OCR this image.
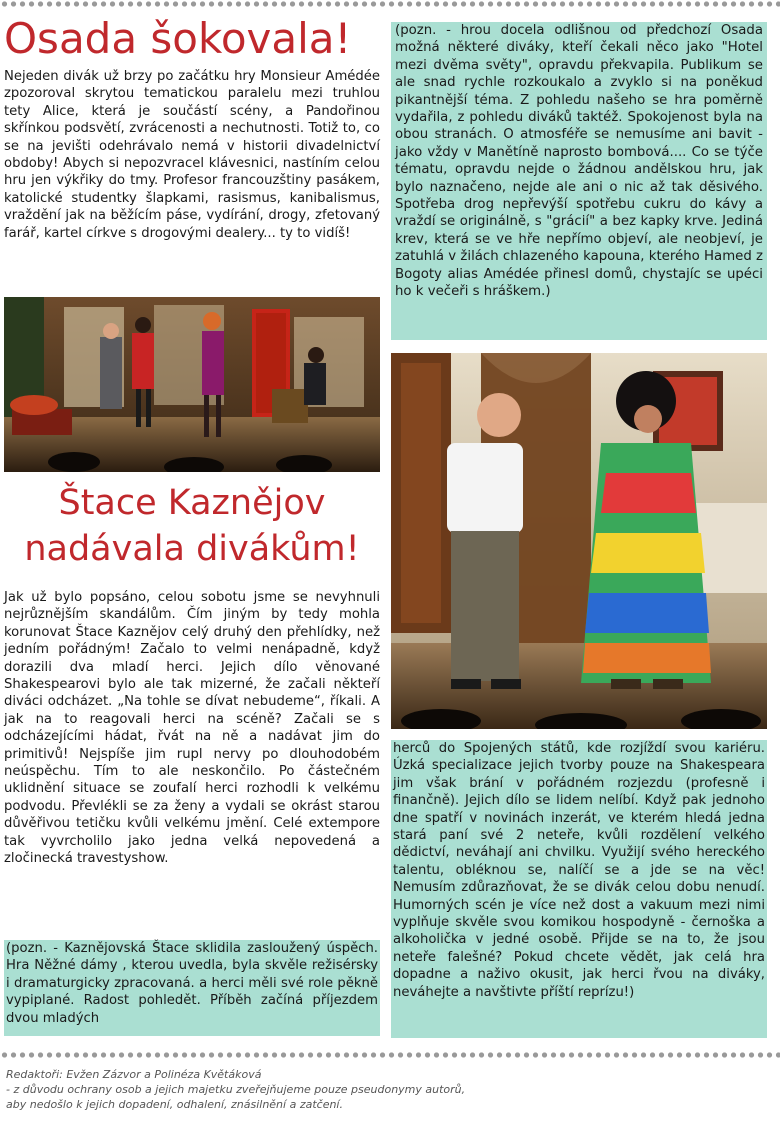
Osada šokovala!

Nejeden divák už brzy po začátku hry Monsieur Amédée zpozoroval skrytou tematickou paralelu mezi truhlou tety Alice, která je součástí scény, a Pandořinou skřínkou podsvětí, zvrácenosti a nechutnosti. Totiž to, co se na jevišti odehrávalo nemá v historii divadelnictví obdoby! Abych si nepozvracel klávesnici, nastíním celou hru jen výkřiky do tmy. Profesor francouzštiny pasákem, katolické studentky šlapkami, rasismus, kanibalismus, vraždění jak na běžícím páse, vydírání, drogy, zfetovaný farář, kartel církve s drogovými dealery... ty to vidíš!

(pozn. - hrou docela odlišnou od předchozí Osada možná některé diváky, kteří čekali něco jako "Hotel mezi dvěma světy", opravdu překvapila. Publikum se ale snad rychle rozkoukalo a zvyklo si na poněkud pikantnější téma. Z pohledu našeho se hra poměrně vydařila, z pohledu diváků taktéž. Spokojenost byla na obou stranách. O atmosféře se nemusíme ani bavit - jako vždy v Manětíně naprosto bombová.... Co se týče tématu, opravdu nejde o žádnou andělskou hru, jak bylo naznačeno, nejde ale ani o nic až tak děsivého. Spotřeba drog nepřevýší spotřebu cukru do kávy a vraždí se originálně, s "grácií" a bez kapky krve. Jediná krev, která se ve hře nepřímo objeví, ale neobjeví, je zatuhlá v žilách chlazeného kapouna, kterého Hamed z Bogoty alias Amédée přinesl domů, chystajíc se upéci ho k večeři s hráškem.)

Štace Kaznějov
nadávala divákům!

Jak už bylo popsáno, celou sobotu jsme se nevyhnuli nejrůznějším skandálům. Čím jiným by tedy mohla korunovat Štace Kaznějov celý druhý den přehlídky, než jedním pořádným! Začalo to velmi nenápadně, když dorazili dva mladí herci. Jejich dílo věnované Shakespearovi bylo ale tak mizerné, že začali někteří diváci odcházet. „Na tohle se dívat nebudeme“, říkali. A jak na to reagovali herci na scéně? Začali se s odcházejícími hádat, řvát na ně a nadávat jim do primitivů! Nejspíše jim rupl nervy po dlouhodobém neúspěchu. Tím to ale neskončilo. Po částečném uklidnění situace se zoufalí herci rozhodli k velkému podvodu. Převlékli se za ženy a vydali se okrást starou důvěřivou tetičku kvůli velkému jmění. Celé extempore tak vyvrcholilo jako jedna velká nepovedená a zločinecká travestyshow.

(pozn. - Kaznějovská Štace sklidila zasloužený úspěch. Hra Něžné dámy , kterou uvedla, byla skvěle režisérsky i dramaturgicky zpracovaná. a herci měli své role pěkně vypiplané. Radost pohledět. Příběh začíná příjezdem dvou mladých

herců do Spojených států, kde rozjíždí svou kariéru. Úzká specializace jejich tvorby pouze na Shakespeara jim však brání v pořádném rozjezdu (profesně i finančně). Jejich dílo se lidem nelíbí. Když pak jednoho dne spatří v novinách inzerát, ve kterém hledá jedna stará paní své 2 neteře, kvůli rozdělení velkého dědictví, neváhají ani chvilku. Využijí svého hereckého talentu, obléknou se, nalíčí se a jde se na věc! Nemusím zdůrazňovat, že se divák celou dobu nenudí. Humorných scén je více než dost a vakuum mezi nimi vyplňuje skvěle svou komikou hospodyně - černoška a alkoholička v jedné osobě. Přijde se na to, že jsou neteře falešné? Pokud chcete vědět, jak celá hra dopadne a naživo okusit, jak herci řvou na diváky, neváhejte a navštivte příští reprízu!)

Redaktoři: Evžen Zázvor a Polinéza Květáková
- z důvodu ochrany osob a jejich majetku zveřejňujeme pouze pseudonymy autorů,
aby nedošlo k jejich dopadení, odhalení, znásilnění a zatčení.
